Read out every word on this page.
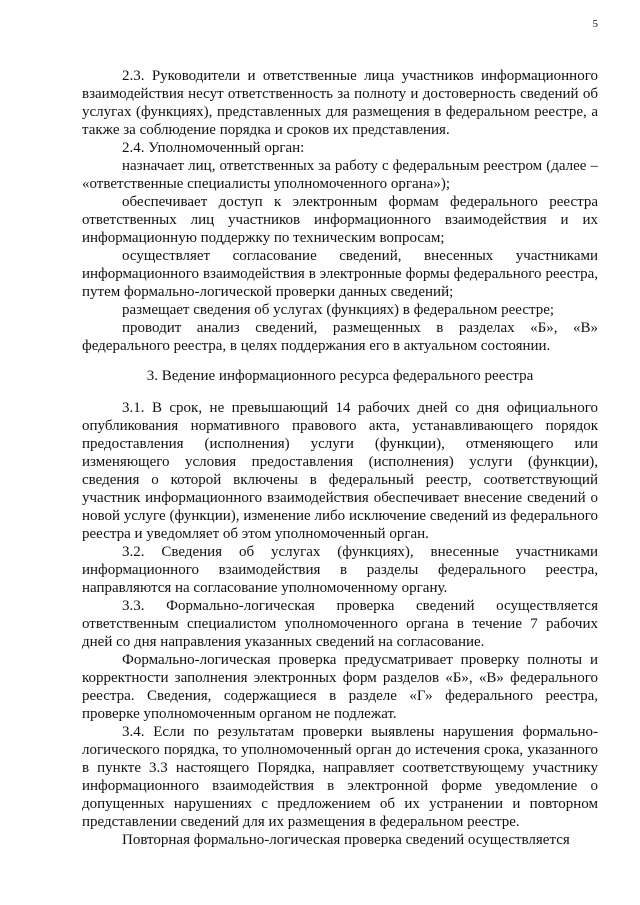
5

2.3. Руководители и ответственные лица участников информационного взаимодействия несут ответственность за полноту и достоверность сведений об услугах (функциях), представленных для размещения в федеральном реестре, а также за соблюдение порядка и сроков их представления.

2.4. Уполномоченный орган:

назначает лиц, ответственных за работу с федеральным реестром (далее – «ответственные специалисты уполномоченного органа»);

обеспечивает доступ к электронным формам федерального реестра ответственных лиц участников информационного взаимодействия и их информационную поддержку по техническим вопросам;

осуществляет согласование сведений, внесенных участниками информационного взаимодействия в электронные формы федерального реестра, путем формально-логической проверки данных сведений;

размещает сведения об услугах (функциях) в федеральном реестре;

проводит анализ сведений, размещенных в разделах «Б», «В» федерального реестра, в целях поддержания его в актуальном состоянии.

3. Ведение информационного ресурса федерального реестра

3.1. В срок, не превышающий 14 рабочих дней со дня официального опубликования нормативного правового акта, устанавливающего порядок предоставления (исполнения) услуги (функции), отменяющего или изменяющего условия предоставления (исполнения) услуги (функции), сведения о которой включены в федеральный реестр, соответствующий участник информационного взаимодействия обеспечивает внесение сведений о новой услуге (функции), изменение либо исключение сведений из федерального реестра и уведомляет об этом уполномоченный орган.

3.2. Сведения об услугах (функциях), внесенные участниками информационного взаимодействия в разделы федерального реестра, направляются на согласование уполномоченному органу.

3.3. Формально-логическая проверка сведений осуществляется ответственным специалистом уполномоченного органа в течение 7 рабочих дней со дня направления указанных сведений на согласование.

Формально-логическая проверка предусматривает проверку полноты и корректности заполнения электронных форм разделов «Б», «В» федерального реестра. Сведения, содержащиеся в разделе «Г» федерального реестра, проверке уполномоченным органом не подлежат.

3.4. Если по результатам проверки выявлены нарушения формально-логического порядка, то уполномоченный орган до истечения срока, указанного в пункте 3.3 настоящего Порядка, направляет соответствующему участнику информационного взаимодействия в электронной форме уведомление о допущенных нарушениях с предложением об их устранении и повторном представлении сведений для их размещения в федеральном реестре.

Повторная формально-логическая проверка сведений осуществляется
